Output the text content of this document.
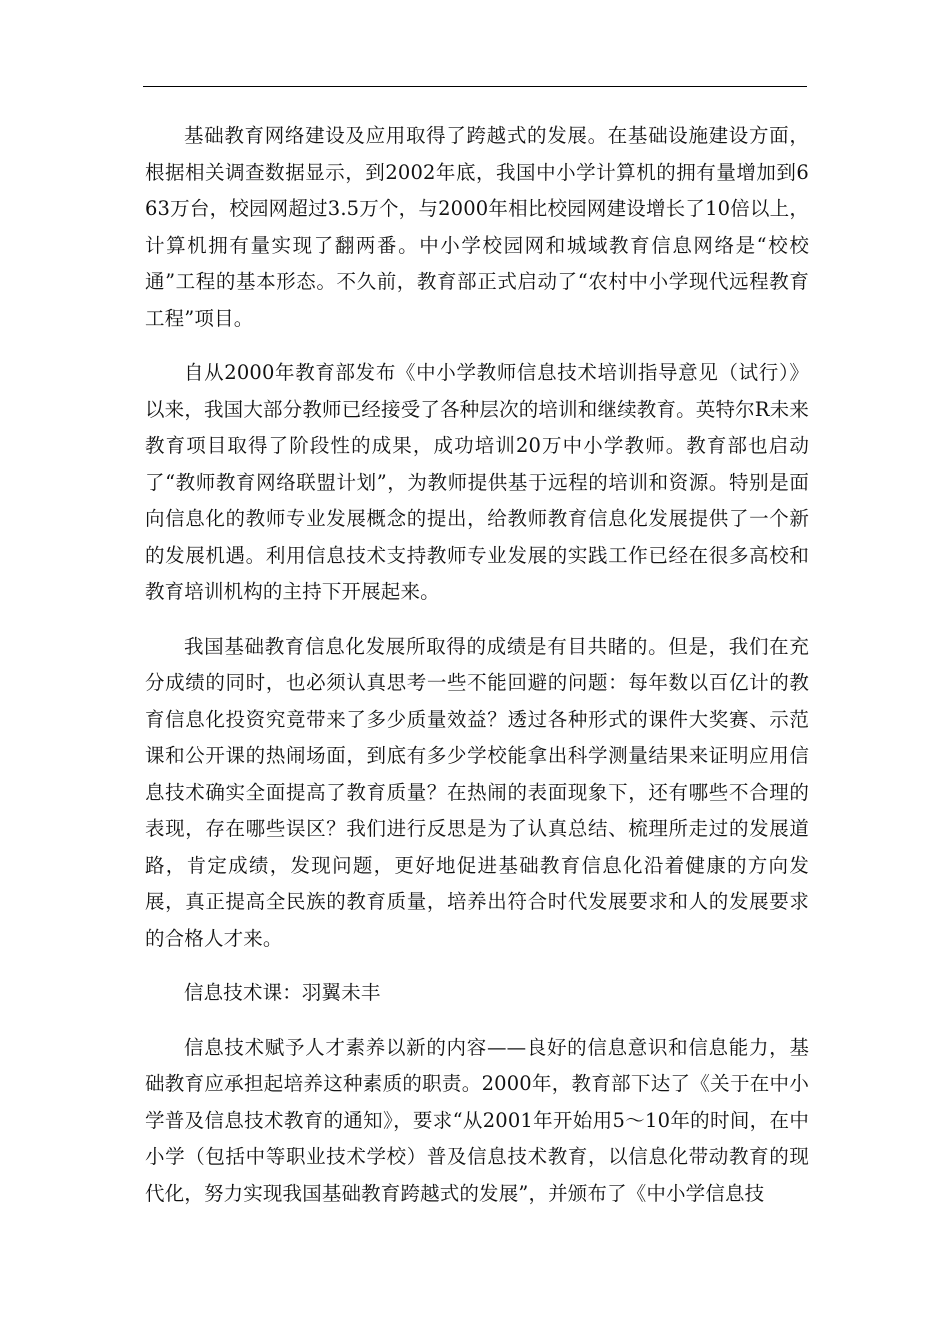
基础教育网络建设及应用取得了跨越式的发展。在基础设施建设方面，根据相关调查数据显示，到2002年底，我国中小学计算机的拥有量增加到663万台，校园网超过3.5万个，与2000年相比校园网建设增长了10倍以上，计算机拥有量实现了翻两番。中小学校园网和城域教育信息网络是“校校通”工程的基本形态。不久前，教育部正式启动了“农村中小学现代远程教育工程”项目。

自从2000年教育部发布《中小学教师信息技术培训指导意见（试行）》以来，我国大部分教师已经接受了各种层次的培训和继续教育。英特尔R未来教育项目取得了阶段性的成果，成功培训20万中小学教师。教育部也启动了“教师教育网络联盟计划”，为教师提供基于远程的培训和资源。特别是面向信息化的教师专业发展概念的提出，给教师教育信息化发展提供了一个新的发展机遇。利用信息技术支持教师专业发展的实践工作已经在很多高校和教育培训机构的主持下开展起来。

我国基础教育信息化发展所取得的成绩是有目共睹的。但是，我们在充分成绩的同时，也必须认真思考一些不能回避的问题：每年数以百亿计的教育信息化投资究竟带来了多少质量效益？透过各种形式的课件大奖赛、示范课和公开课的热闹场面，到底有多少学校能拿出科学测量结果来证明应用信息技术确实全面提高了教育质量？在热闹的表面现象下，还有哪些不合理的表现，存在哪些误区？我们进行反思是为了认真总结、梳理所走过的发展道路，肯定成绩，发现问题，更好地促进基础教育信息化沿着健康的方向发展，真正提高全民族的教育质量，培养出符合时代发展要求和人的发展要求的合格人才来。

信息技术课：羽翼未丰

信息技术赋予人才素养以新的内容——良好的信息意识和信息能力，基础教育应承担起培养这种素质的职责。2000年，教育部下达了《关于在中小学普及信息技术教育的通知》，要求“从2001年开始用5～10年的时间，在中小学（包括中等职业技术学校）普及信息技术教育，以信息化带动教育的现代化，努力实现我国基础教育跨越式的发展”，并颁布了《中小学信息技
